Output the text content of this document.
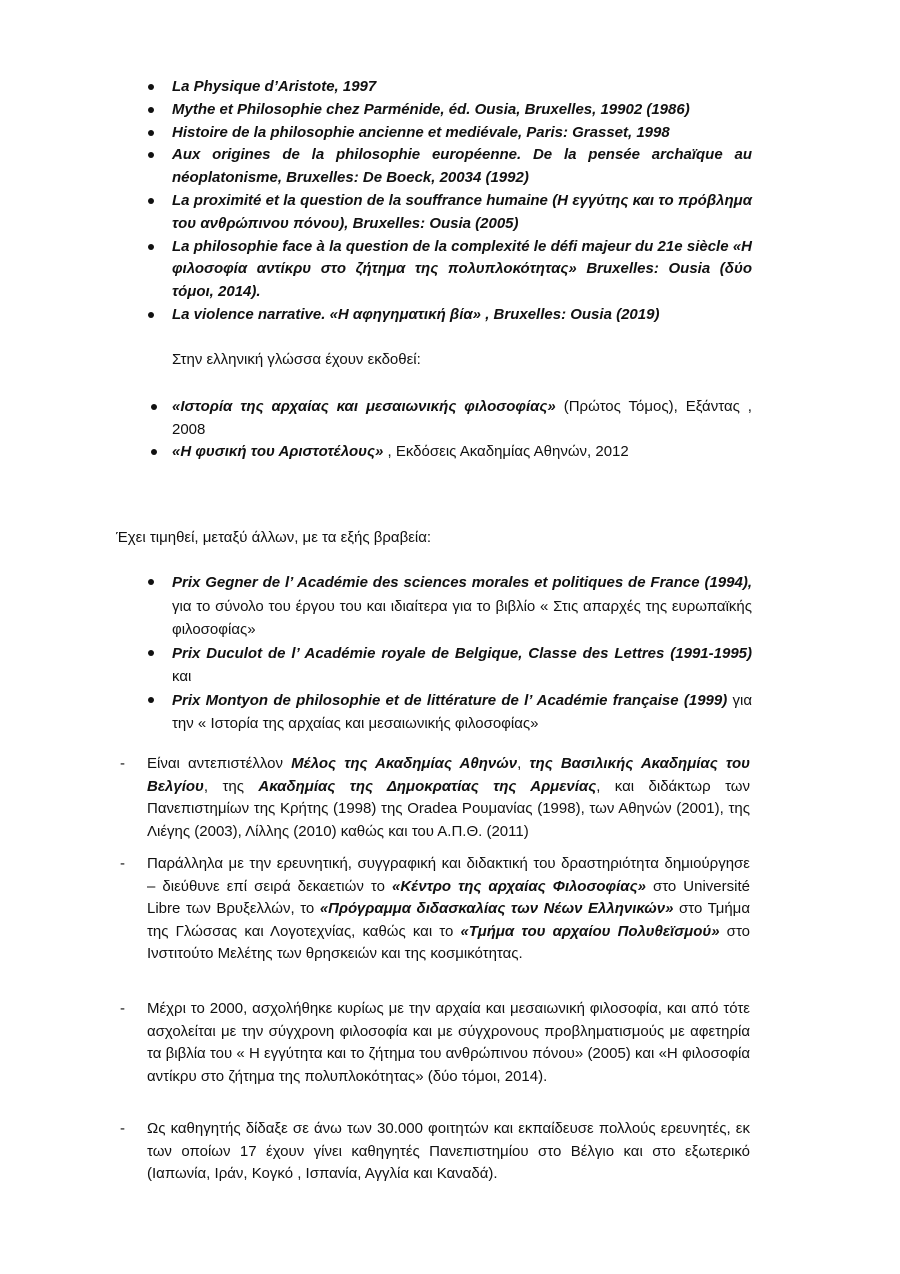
La Physique d’Aristote, 1997
Mythe et Philosophie chez Parménide, éd. Ousia, Bruxelles, 19902 (1986)
Histoire de la philosophie ancienne et mediévale, Paris: Grasset, 1998
Aux origines de la philosophie européenne. De la pensée archaïque au néoplatonisme, Bruxelles: De Boeck, 20034 (1992)
La proximité et la question de la souffrance humaine (Η εγγύτης και το πρόβλημα του ανθρώπινου πόνου), Bruxelles: Ousia (2005)
La philosophie face à la question de la complexité le défi majeur du 21e siècle «Η φιλοσοφία αντίκρυ στο ζήτημα της πολυπλοκότητας» Bruxelles: Ousia (δύο τόμοι, 2014).
La violence narrative. «Η αφηγηματική βία» , Bruxelles: Ousia (2019)
Στην ελληνική γλώσσα έχουν εκδοθεί:
«Ιστορία της αρχαίας και μεσαιωνικής φιλοσοφίας» (Πρώτος Τόμος), Εξάντας , 2008
«Η φυσική του Αριστοτέλους» , Εκδόσεις Ακαδημίας Αθηνών, 2012
Έχει τιμηθεί, μεταξύ άλλων, με τα εξής βραβεία:
Prix Gegner de l’ Académie des sciences morales et politiques de France (1994), για το σύνολο του έργου του και ιδιαίτερα για το βιβλίο « Στις απαρχές της ευρωπαϊκής φιλοσοφίας»
Prix Duculot de l’ Académie royale de Belgique, Classe des Lettres (1991-1995) και
Prix Montyon de philosophie et de littérature de l’ Académie française (1999) για την « Ιστορία της αρχαίας και μεσαιωνικής φιλοσοφίας»
- Είναι αντεπιστέλλον Μέλος της Ακαδημίας Αθηνών, της Βασιλικής Ακαδημίας του Βελγίου, της Ακαδημίας της Δημοκρατίας της Αρμενίας, και διδάκτωρ των Πανεπιστημίων της Κρήτης (1998) της Oradea Ρουμανίας (1998), των Αθηνών (2001), της Λιέγης (2003), Λίλλης (2010) καθώς και του Α.Π.Θ. (2011)
- Παράλληλα με την ερευνητική, συγγραφική και διδακτική του δραστηριότητα δημιούργησε – διεύθυνε επί σειρά δεκαετιών το «Κέντρο της αρχαίας Φιλοσοφίας» στο Université Libre των Βρυξελλών, το «Πρόγραμμα διδασκαλίας των Νέων Ελληνικών» στο Τμήμα της Γλώσσας και Λογοτεχνίας, καθώς και το «Τμήμα του αρχαίου Πολυθεϊσμού» στο Ινστιτούτο Μελέτης των θρησκειών και της κοσμικότητας.
- Μέχρι το 2000, ασχολήθηκε κυρίως με την αρχαία και μεσαιωνική φιλοσοφία, και από τότε ασχολείται με την σύγχρονη φιλοσοφία και με σύγχρονους προβληματισμούς με αφετηρία τα βιβλία του « Η εγγύτητα και το ζήτημα του ανθρώπινου πόνου» (2005) και «Η φιλοσοφία αντίκρυ στο ζήτημα της πολυπλοκότητας» (δύο τόμοι, 2014).
- Ως καθηγητής δίδαξε σε άνω των 30.000 φοιτητών και εκπαίδευσε πολλούς ερευνητές, εκ των οποίων 17 έχουν γίνει καθηγητές Πανεπιστημίου στο Βέλγιο και στο εξωτερικό (Ιαπωνία, Ιράν, Κογκό , Ισπανία, Αγγλία και Καναδά).
